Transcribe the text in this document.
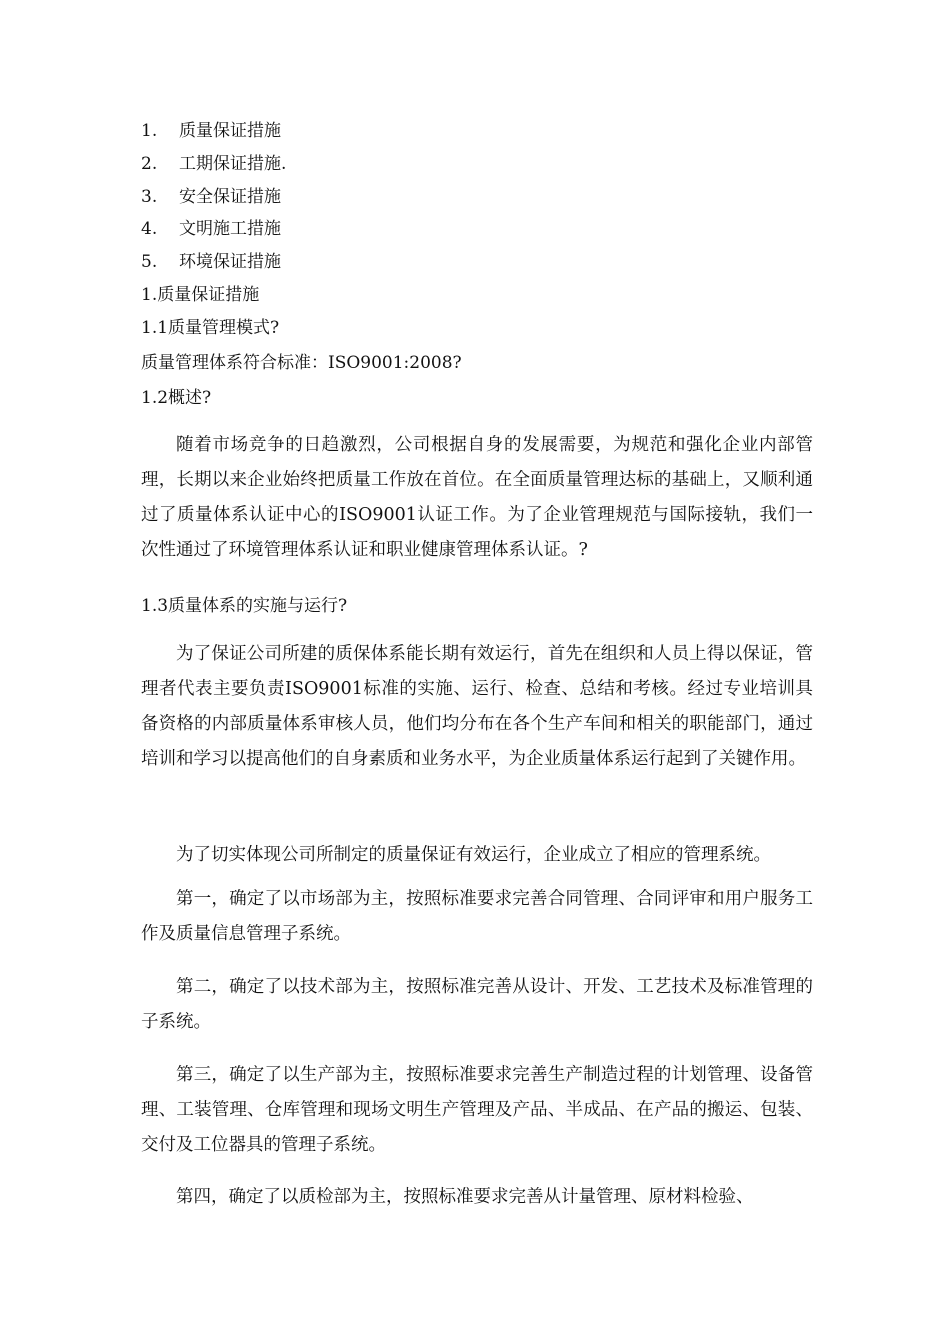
1. 质量保证措施
2. 工期保证措施.
3. 安全保证措施
4. 文明施工措施
5. 环境保证措施
1.质量保证措施
1.1质量管理模式?
质量管理体系符合标准：ISO9001:2008?
1.2概述?
随着市场竞争的日趋激烈，公司根据自身的发展需要，为规范和强化企业内部管理，长期以来企业始终把质量工作放在首位。在全面质量管理达标的基础上，又顺利通过了质量体系认证中心的ISO9001认证工作。为了企业管理规范与国际接轨，我们一次性通过了环境管理体系认证和职业健康管理体系认证。?
1.3质量体系的实施与运行?
为了保证公司所建的质保体系能长期有效运行，首先在组织和人员上得以保证，管理者代表主要负责ISO9001标准的实施、运行、检查、总结和考核。经过专业培训具备资格的内部质量体系审核人员，他们均分布在各个生产车间和相关的职能部门，通过培训和学习以提高他们的自身素质和业务水平，为企业质量体系运行起到了关键作用。
为了切实体现公司所制定的质量保证有效运行，企业成立了相应的管理系统。
第一，确定了以市场部为主，按照标准要求完善合同管理、合同评审和用户服务工作及质量信息管理子系统。
第二，确定了以技术部为主，按照标准完善从设计、开发、工艺技术及标准管理的子系统。
第三，确定了以生产部为主，按照标准要求完善生产制造过程的计划管理、设备管理、工装管理、仓库管理和现场文明生产管理及产品、半成品、在产品的搬运、包装、交付及工位器具的管理子系统。
第四，确定了以质检部为主，按照标准要求完善从计量管理、原材料检验、
